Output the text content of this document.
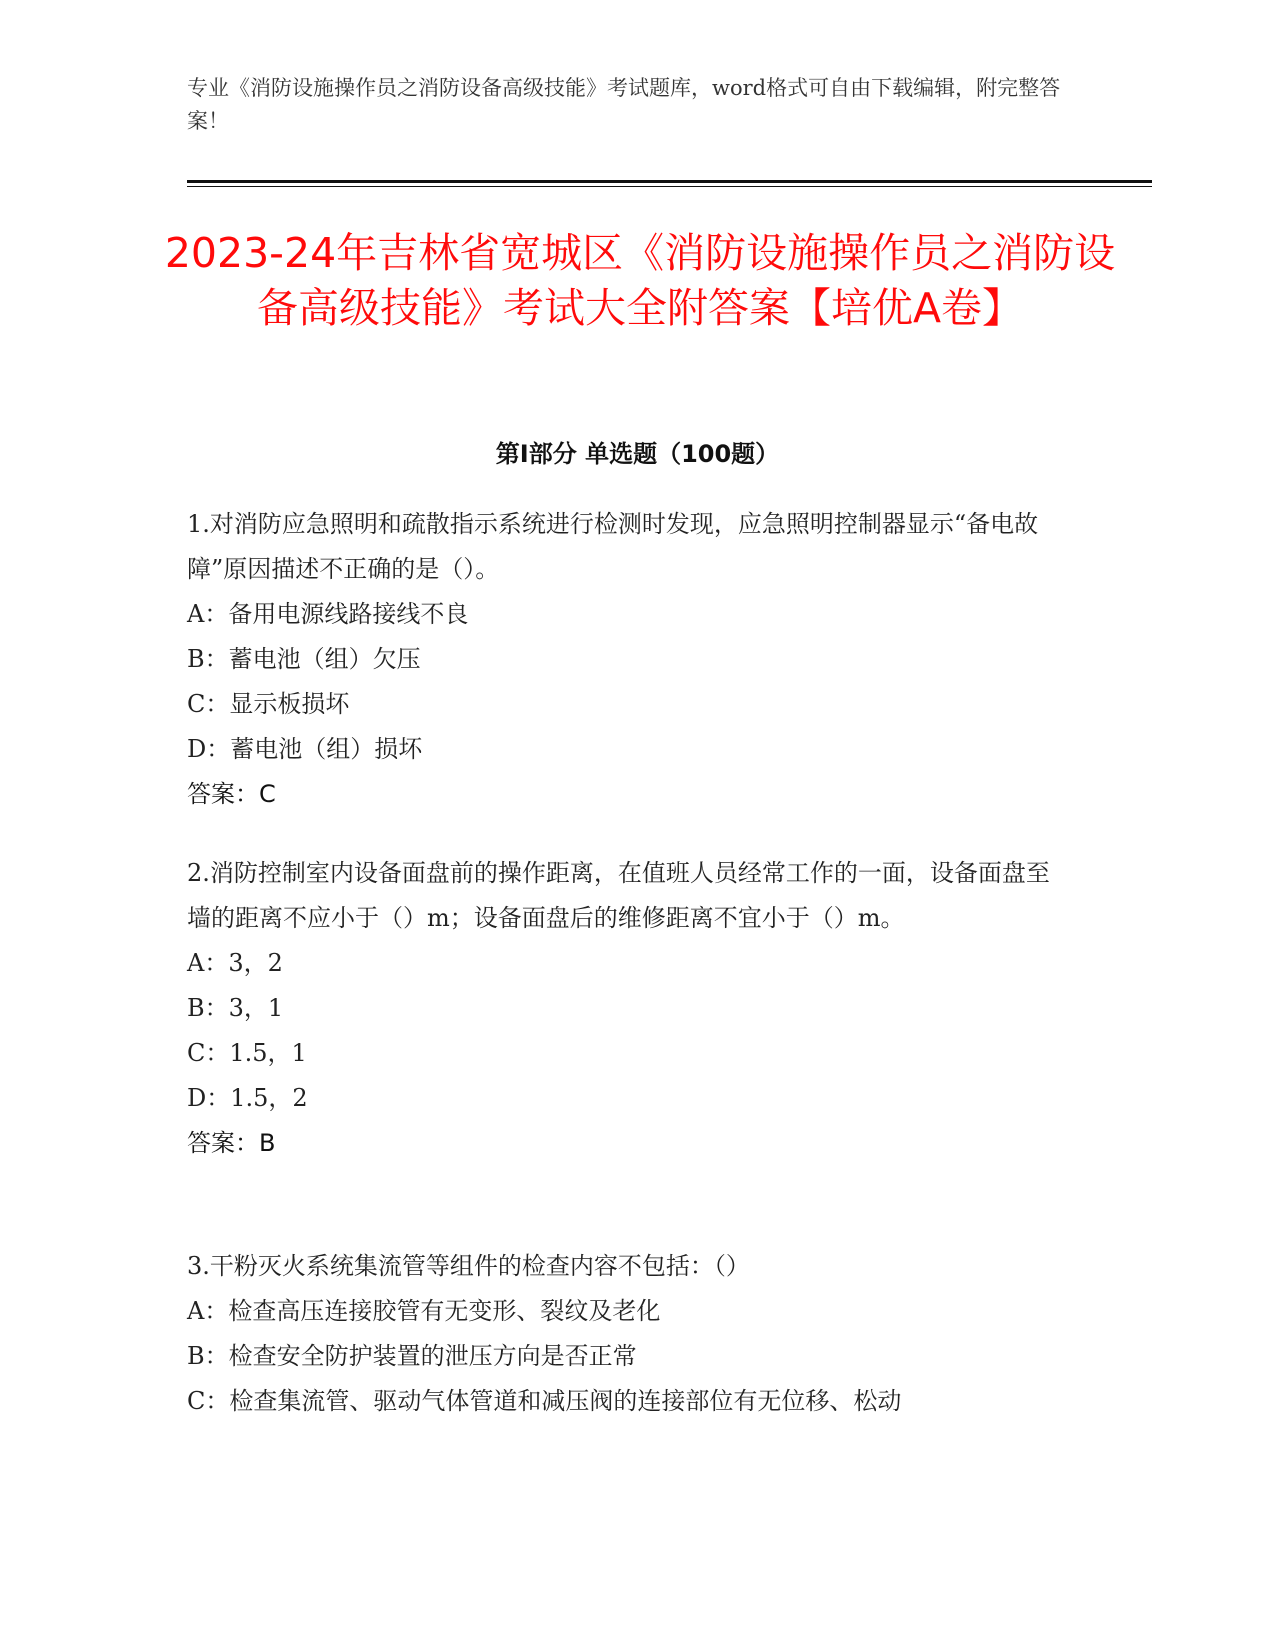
专业《消防设施操作员之消防设备高级技能》考试题库，word格式可自由下载编辑，附完整答案！
2023-24年吉林省宽城区《消防设施操作员之消防设备高级技能》考试大全附答案【培优A卷】
第I部分 单选题（100题）
1.对消防应急照明和疏散指示系统进行检测时发现，应急照明控制器显示“备电故障”原因描述不正确的是（）。
A：备用电源线路接线不良
B：蓄电池（组）欠压
C：显示板损坏
D：蓄电池（组）损坏
答案：C
2.消防控制室内设备面盘前的操作距离，在值班人员经常工作的一面，设备面盘至墙的距离不应小于（）m；设备面盘后的维修距离不宜小于（）m。
A：3，2
B：3，1
C：1.5，1
D：1.5，2
答案：B
3.干粉灭火系统集流管等组件的检查内容不包括：（）
A：检查高压连接胶管有无变形、裂纹及老化
B：检查安全防护装置的泄压方向是否正常
C：检查集流管、驱动气体管道和减压阀的连接部位有无位移、松动
